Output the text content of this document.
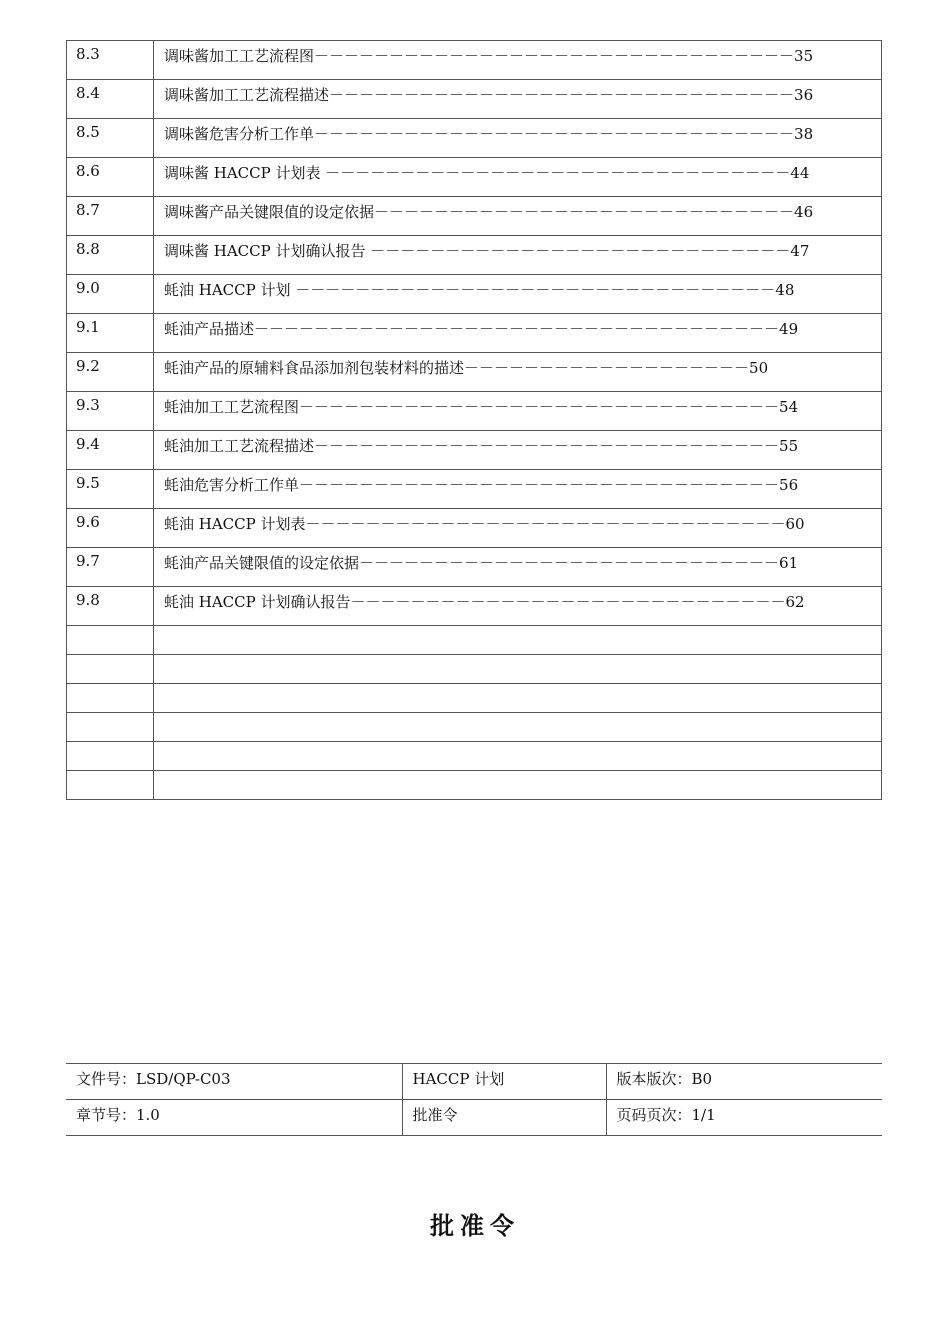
8.3	调味酱加工工艺流程图－－－－－－－－－－－－－－－－－－－－－－－－－－－－－－－－35
8.4	调味酱加工工艺流程描述－－－－－－－－－－－－－－－－－－－－－－－－－－－－－－－36
8.5	调味酱危害分析工作单－－－－－－－－－－－－－－－－－－－－－－－－－－－－－－－－38
8.6	调味酱 HACCP 计划表 －－－－－－－－－－－－－－－－－－－－－－－－－－－－－－－44
8.7	调味酱产品关键限值的设定依据－－－－－－－－－－－－－－－－－－－－－－－－－－－－46
8.8	调味酱 HACCP 计划确认报告 －－－－－－－－－－－－－－－－－－－－－－－－－－－－47
9.0	蚝油 HACCP 计划 －－－－－－－－－－－－－－－－－－－－－－－－－－－－－－－－48
9.1	蚝油产品描述－－－－－－－－－－－－－－－－－－－－－－－－－－－－－－－－－－－49
9.2	蚝油产品的原辅料食品添加剂包装材料的描述－－－－－－－－－－－－－－－－－－－50
9.3	蚝油加工工艺流程图－－－－－－－－－－－－－－－－－－－－－－－－－－－－－－－－54
9.4	蚝油加工工艺流程描述－－－－－－－－－－－－－－－－－－－－－－－－－－－－－－－55
9.5	蚝油危害分析工作单－－－－－－－－－－－－－－－－－－－－－－－－－－－－－－－－56
9.6	蚝油 HACCP 计划表－－－－－－－－－－－－－－－－－－－－－－－－－－－－－－－－60
9.7	蚝油产品关键限值的设定依据－－－－－－－－－－－－－－－－－－－－－－－－－－－－61
9.8	蚝油 HACCP 计划确认报告－－－－－－－－－－－－－－－－－－－－－－－－－－－－－62

文件号：LSD/QP-C03	HACCP 计划	版本版次：B0
章节号：1.0	批准令	页码页次：1/1
批准令
